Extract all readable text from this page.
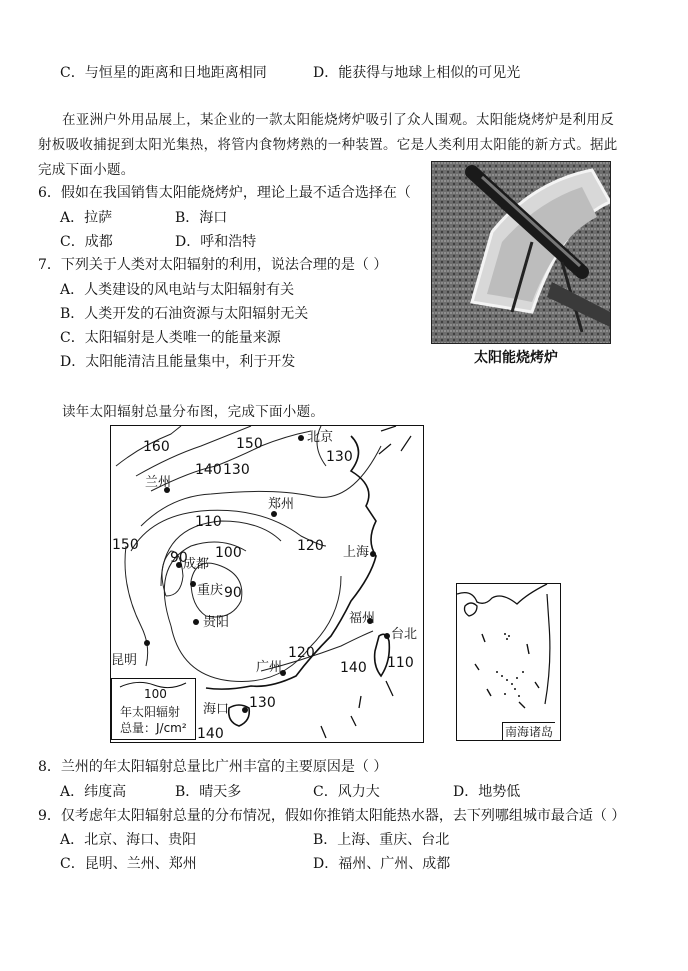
C．与恒星的距离和日地距离相同	D．能获得与地球上相似的可见光
在亚洲户外用品展上，某企业的一款太阳能烧烤炉吸引了众人围观。太阳能烧烤炉是利用反
射板吸收捕捉到太阳光集热，将管内食物烤熟的一种装置。它是人类利用太阳能的新方式。据此
完成下面小题。
6．假如在我国销售太阳能烧烤炉，理论上最不适合选择在（
A．拉萨	B．海口
C．成都	D．呼和浩特
7．下列关于人类对太阳辐射的利用，说法合理的是（ ）
A．人类建设的风电站与太阳辐射有关
B．人类开发的石油资源与太阳辐射无关
C．太阳辐射是人类唯一的能量来源
D．太阳能清洁且能量集中，利于开发	太阳能烧烤炉
读年太阳辐射总量分布图，完成下面小题。
北京
兰州
郑州
上海
成都
重庆
贵阳	福州
台北
昆明	广州
海口
160	150
140 130
130
110
100
90
90
120
150
120
140 110
130
140
100
年太阳辐射
总量：J/cm²	南海诸岛
8．兰州的年太阳辐射总量比广州丰富的主要原因是（ ）
A．纬度高	B．晴天多	C．风力大	D．地势低
9．仅考虑年太阳辐射总量的分布情况，假如你推销太阳能热水器，去下列哪组城市最合适（ ）
A．北京、海口、贵阳	B．上海、重庆、台北
C．昆明、兰州、郑州	D．福州、广州、成都
